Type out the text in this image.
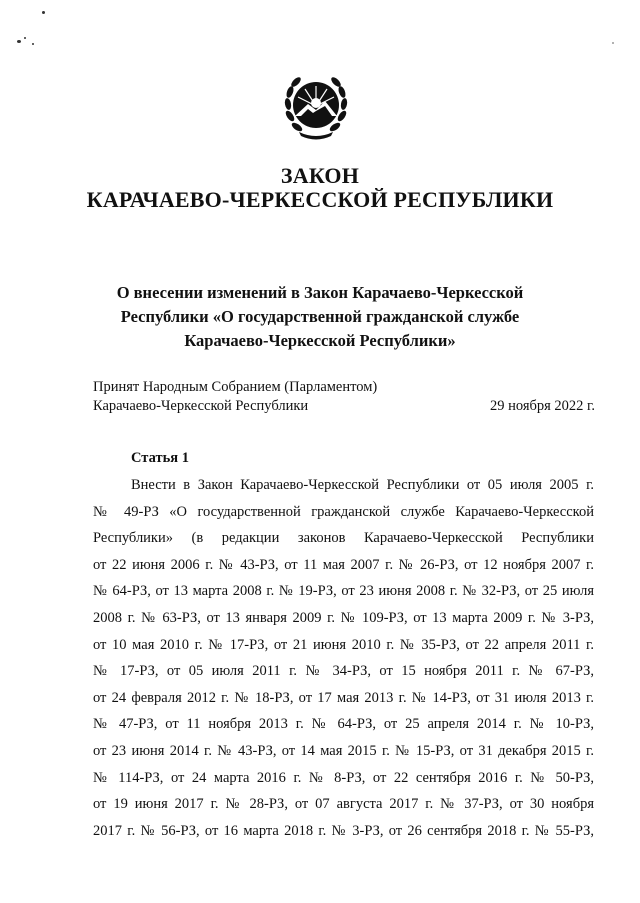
ЗАКОН
КАРАЧАЕВО-ЧЕРКЕССКОЙ РЕСПУБЛИКИ
О внесении изменений в Закон Карачаево-Черкесской
Республики «О государственной гражданской службе
Карачаево-Черкесской Республики»
Принят Народным Собранием (Парламентом)
Карачаево-Черкесской Республики	29 ноября 2022 г.
Статья 1
Внести в Закон Карачаево-Черкесской Республики от 05 июля 2005 г.
№ 49-РЗ «О государственной гражданской службе Карачаево-Черкесской
Республики» (в редакции законов Карачаево-Черкесской Республики
от 22 июня 2006 г. № 43-РЗ, от 11 мая 2007 г. № 26-РЗ, от 12 ноября 2007 г.
№ 64-РЗ, от 13 марта 2008 г. № 19-РЗ, от 23 июня 2008 г. № 32-РЗ, от 25 июля
2008 г. № 63-РЗ, от 13 января 2009 г. № 109-РЗ, от 13 марта 2009 г. № 3-РЗ,
от 10 мая 2010 г. № 17-РЗ, от 21 июня 2010 г. № 35-РЗ, от 22 апреля 2011 г.
№ 17-РЗ, от 05 июля 2011 г. № 34-РЗ, от 15 ноября 2011 г. № 67-РЗ,
от 24 февраля 2012 г. № 18-РЗ, от 17 мая 2013 г. № 14-РЗ, от 31 июля 2013 г.
№ 47-РЗ, от 11 ноября 2013 г. № 64-РЗ, от 25 апреля 2014 г. № 10-РЗ,
от 23 июня 2014 г. № 43-РЗ, от 14 мая 2015 г. № 15-РЗ, от 31 декабря 2015 г.
№ 114-РЗ, от 24 марта 2016 г. № 8-РЗ, от 22 сентября 2016 г. № 50-РЗ,
от 19 июня 2017 г. № 28-РЗ, от 07 августа 2017 г. № 37-РЗ, от 30 ноября
2017 г. № 56-РЗ, от 16 марта 2018 г. № 3-РЗ, от 26 сентября 2018 г. № 55-РЗ,
